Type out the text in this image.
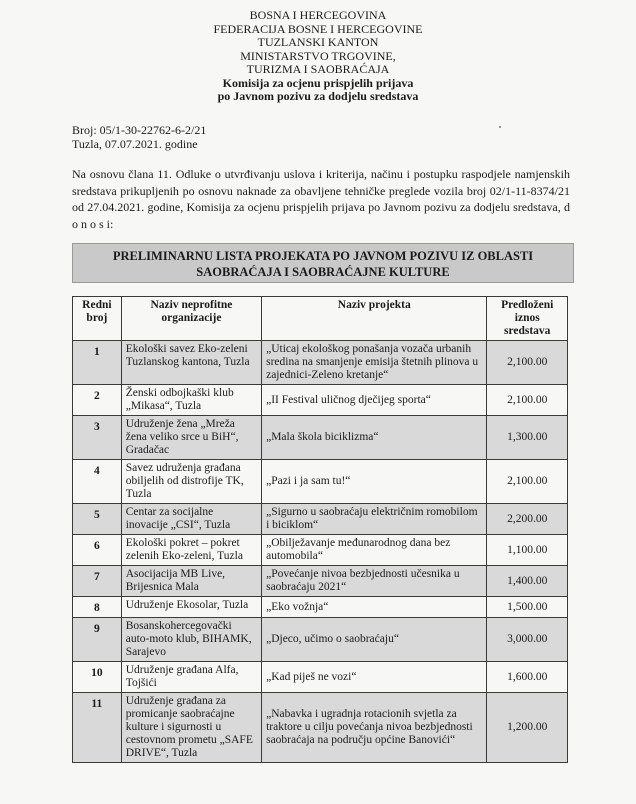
BOSNA I HERCEGOVINA
FEDERACIJA BOSNE I HERCEGOVINE
TUZLANSKI KANTON
MINISTARSTVO TRGOVINE,
TURIZMA I SAOBRAĆAJA
Komisija za ocjenu prispjelih prijava
po Javnom pozivu za dodjelu sredstava
Broj: 05/1-30-22762-6-2/21
Tuzla, 07.07.2021. godine
Na osnovu člana 11. Odluke o utvrđivanju uslova i kriterija, načinu i postupku raspodjele namjenskih sredstava prikupljenih po osnovu naknade za obavljene tehničke preglede vozila broj 02/1-11-8374/21 od 27.04.2021. godine, Komisija za ocjenu prispjelih prijava po Javnom pozivu za dodjelu sredstava, d o n o s i:
PRELIMINARNU LISTA PROJEKATA PO JAVNOM POZIVU IZ OBLASTI
SAOBRAĆAJA I SAOBRAĆAJNE KULTURE
Redni broj	Naziv neprofitne organizacije	Naziv projekta	Predloženi iznos sredstava
1	Ekološki savez Eko-zeleni Tuzlanskog kantona, Tuzla	„Uticaj ekološkog ponašanja vozača urbanih sredina na smanjenje emisija štetnih plinova u zajednici-Zeleno kretanje“	2,100.00
2	Ženski odbojkaški klub „Mikasa“, Tuzla	„II Festival uličnog dječijeg sporta“	2,100.00
3	Udruženje žena „Mreža žena veliko srce u BiH“, Gradačac	„Mala škola biciklizma“	1,300.00
4	Savez udruženja građana obiljelih od distrofije TK, Tuzla	„Pazi i ja sam tu!“	2,100.00
5	Centar za socijalne inovacije „CSI“, Tuzla	„Sigurno u saobraćaju električnim romobilom i biciklom“	2,200.00
6	Ekološki pokret – pokret zelenih Eko-zeleni, Tuzla	„Obilježavanje međunarodnog dana bez automobila“	1,100.00
7	Asocijacija MB Live, Brijesnica Mala	„Povećanje nivoa bezbjednosti učesnika u saobraćaju 2021“	1,400.00
8	Udruženje Ekosolar, Tuzla	„Eko vožnja“	1,500.00
9	Bosanskohercegovački auto-moto klub, BIHAMK, Sarajevo	„Djeco, učimo o saobraćaju“	3,000.00
10	Udruženje građana Alfa, Tojšići	„Kad piješ ne vozi“	1,600.00
11	Udruženje građana za promicanje saobraćajne kulture i sigurnosti u cestovnom prometu „SAFE DRIVE“, Tuzla	„Nabavka i ugradnja rotacionih svjetla za traktore u cilju povećanja nivoa bezbjednosti saobraćaja na području općine Banovići“	1,200.00
